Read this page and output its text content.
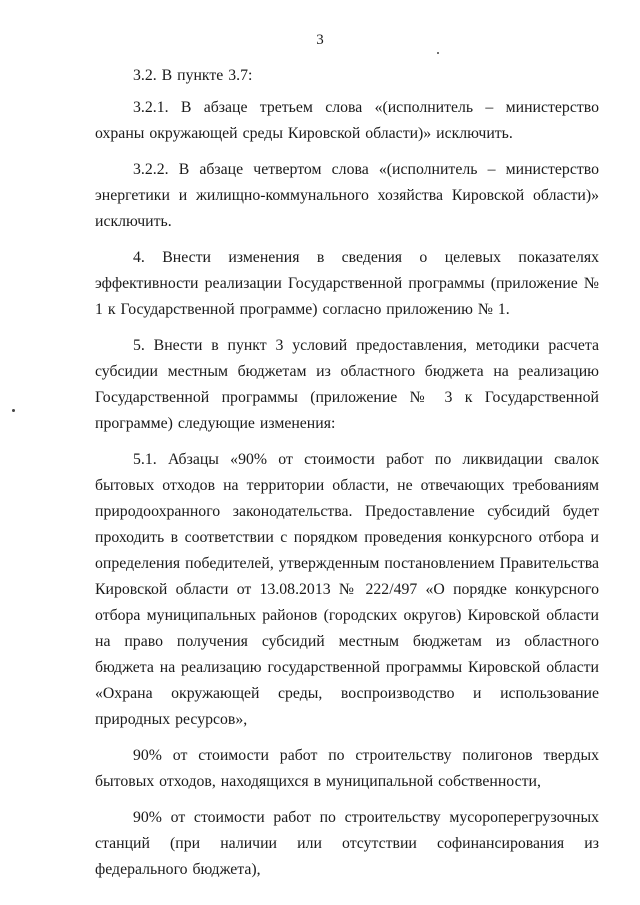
3

3.2. В пункте 3.7:

3.2.1. В абзаце третьем слова «(исполнитель – министерство охраны окружающей среды Кировской области)» исключить.

3.2.2. В абзаце четвертом слова «(исполнитель – министерство энергетики и жилищно-коммунального хозяйства Кировской области)» исключить.

4. Внести изменения в сведения о целевых показателях эффективности реализации Государственной программы (приложение № 1 к Государственной программе) согласно приложению № 1.

5. Внести в пункт 3 условий предоставления, методики расчета субсидии местным бюджетам из областного бюджета на реализацию Государственной программы (приложение № 3 к Государственной программе) следующие изменения:

5.1. Абзацы «90% от стоимости работ по ликвидации свалок бытовых отходов на территории области, не отвечающих требованиям природоохранного законодательства. Предоставление субсидий будет проходить в соответствии с порядком проведения конкурсного отбора и определения победителей, утвержденным постановлением Правительства Кировской области от 13.08.2013 № 222/497 «О порядке конкурсного отбора муниципальных районов (городских округов) Кировской области на право получения субсидий местным бюджетам из областного бюджета на реализацию государственной программы Кировской области «Охрана окружающей среды, воспроизводство и использование природных ресурсов»,

90% от стоимости работ по строительству полигонов твердых бытовых отходов, находящихся в муниципальной собственности,

90% от стоимости работ по строительству мусороперегрузочных станций (при наличии или отсутствии софинансирования из федерального бюджета),
